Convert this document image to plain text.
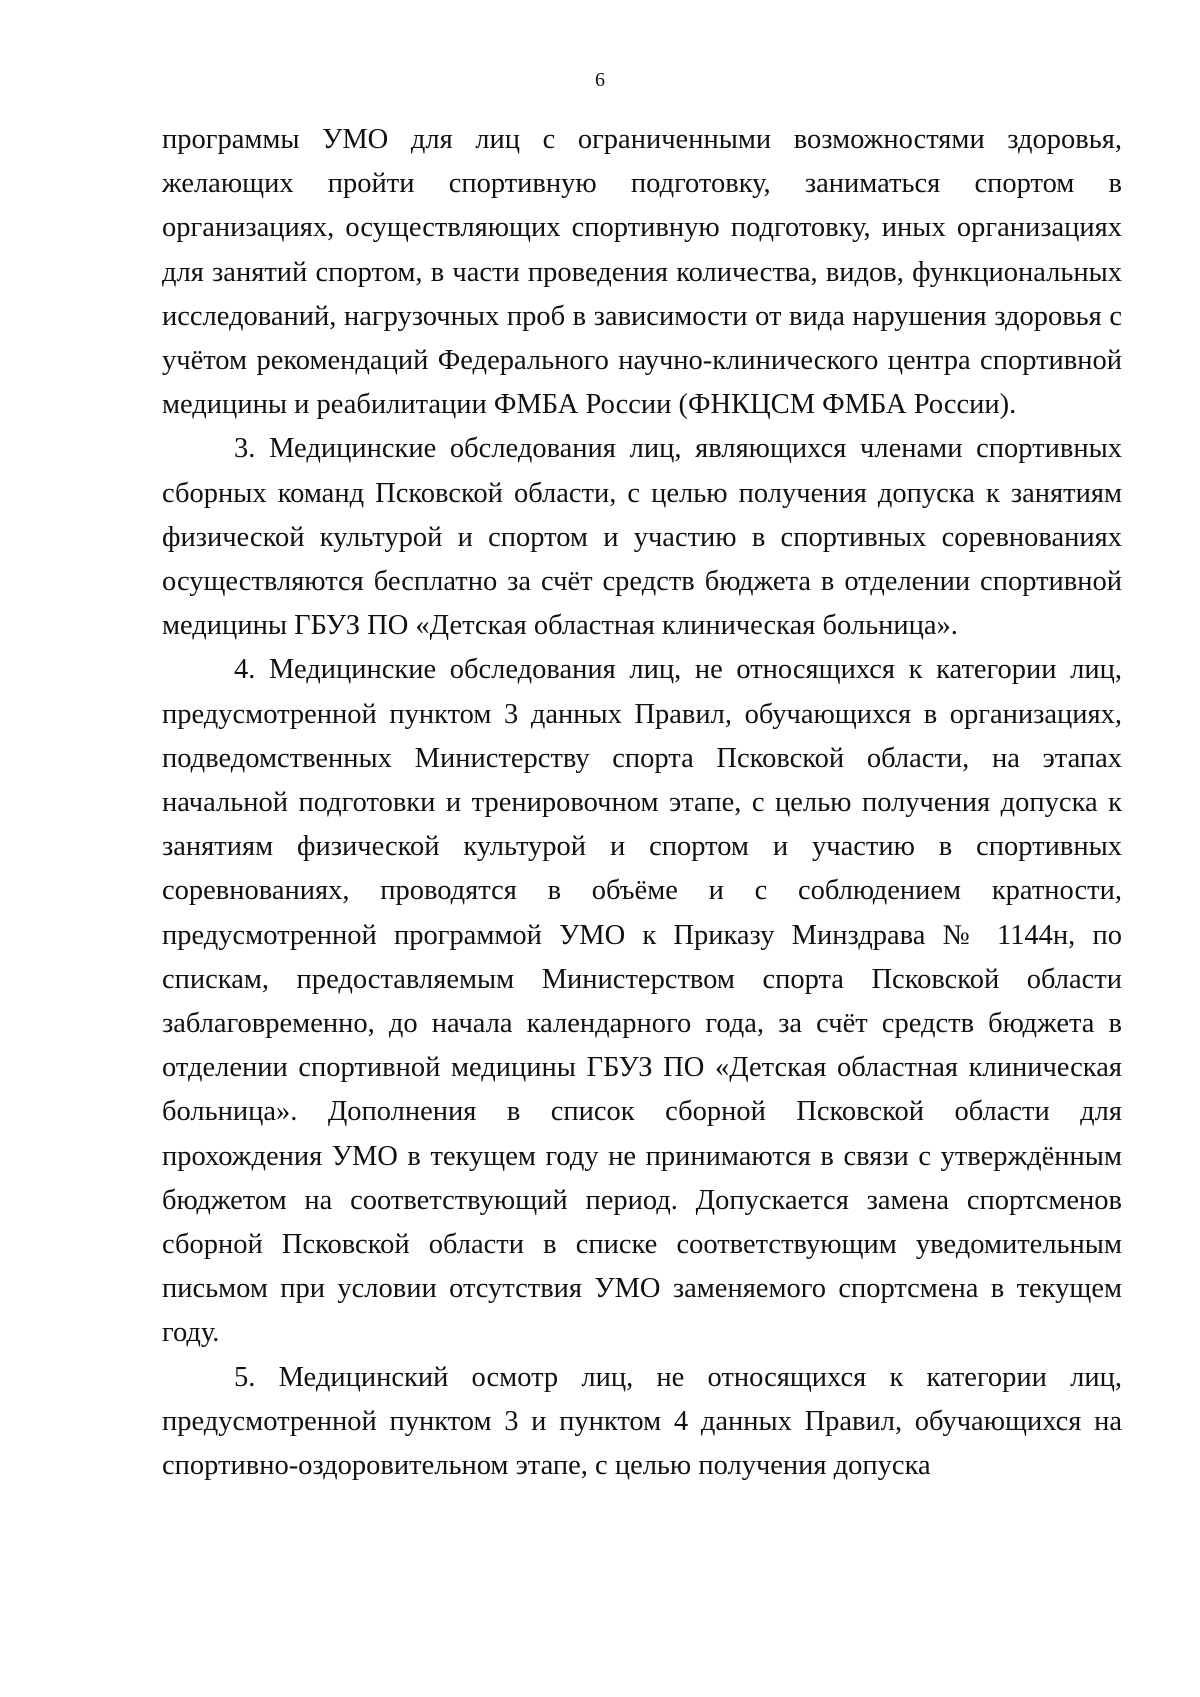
6

программы УМО для лиц с ограниченными возможностями здоровья, желающих пройти спортивную подготовку, заниматься спортом в организациях, осуществляющих спортивную подготовку, иных организациях для занятий спортом, в части проведения количества, видов, функциональных исследований, нагрузочных проб в зависимости от вида нарушения здоровья с учётом рекомендаций Федерального научно-клинического центра спортивной медицины и реабилитации ФМБА России (ФНКЦСМ ФМБА России).

3. Медицинские обследования лиц, являющихся членами спортивных сборных команд Псковской области, с целью получения допуска к занятиям физической культурой и спортом и участию в спортивных соревнованиях осуществляются бесплатно за счёт средств бюджета в отделении спортивной медицины ГБУЗ ПО «Детская областная клиническая больница».

4. Медицинские обследования лиц, не относящихся к категории лиц, предусмотренной пунктом 3 данных Правил, обучающихся в организациях, подведомственных Министерству спорта Псковской области, на этапах начальной подготовки и тренировочном этапе, с целью получения допуска к занятиям физической культурой и спортом и участию в спортивных соревнованиях, проводятся в объёме и с соблюдением кратности, предусмотренной программой УМО к Приказу Минздрава № 1144н, по спискам, предоставляемым Министерством спорта Псковской области заблаговременно, до начала календарного года, за счёт средств бюджета в отделении спортивной медицины ГБУЗ ПО «Детская областная клиническая больница». Дополнения в список сборной Псковской области для прохождения УМО в текущем году не принимаются в связи с утверждённым бюджетом на соответствующий период. Допускается замена спортсменов сборной Псковской области в списке соответствующим уведомительным письмом при условии отсутствия УМО заменяемого спортсмена в текущем году.

5. Медицинский осмотр лиц, не относящихся к категории лиц, предусмотренной пунктом 3 и пунктом 4 данных Правил, обучающихся на спортивно-оздоровительном этапе, с целью получения допуска
